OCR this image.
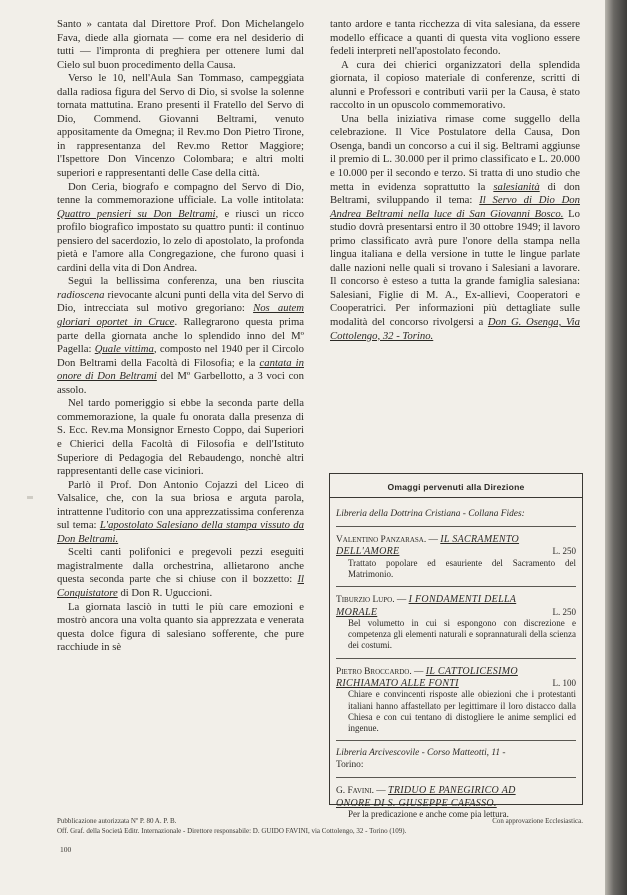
Santo » cantata dal Direttore Prof. Don Michelangelo Fava, diede alla giornata — come era nel desiderio di tutti — l'impronta di preghiera per ottenere lumi dal Cielo sul buon procedimento della Causa.

Verso le 10, nell'Aula San Tommaso, campeggiata dalla radiosa figura del Servo di Dio, si svolse la solenne tornata mattutina. Erano presenti il Fratello del Servo di Dio, Commend. Giovanni Beltrami, venuto appositamente da Omegna; il Rev.mo Don Pietro Tirone, in rappresentanza del Rev.mo Rettor Maggiore; l'Ispettore Don Vincenzo Colombara; e altri molti superiori e rappresentanti delle Case della città.

Don Ceria, biografo e compagno del Servo di Dio, tenne la commemorazione ufficiale. La volle intitolata: Quattro pensieri su Don Beltrami, e riuscì un ricco profilo biografico impostato su quattro punti: il continuo pensiero del sacerdozio, lo zelo di apostolato, la profonda pietà e l'amore alla Congregazione, che furono quasi i cardini della vita di Don Andrea.

Seguì la bellissima conferenza, una ben riuscita radioscena rievocante alcuni punti della vita del Servo di Dio, intrecciata sul motivo gregoriano: Nos autem gloriari oportet in Cruce. Rallegrarono questa prima parte della giornata anche lo splendido inno del Mº Pagella: Quale vittima, composto nel 1940 per il Circolo Don Beltrami della Facoltà di Filosofia; e la cantata in onore di Don Beltrami del Mº Garbellotto, a 3 voci con assolo.

Nel tardo pomeriggio si ebbe la seconda parte della commemorazione, la quale fu onorata dalla presenza di S. Ecc. Rev.ma Monsignor Ernesto Coppo, dai Superiori e Chierici della Facoltà di Filosofia e dell'Istituto Superiore di Pedagogia del Rebaudengo, nonchè altri rappresentanti delle case viciniori.

Parlò il Prof. Don Antonio Cojazzi del Liceo di Valsalice, che, con la sua briosa e arguta parola, intrattenne l'uditorio con una apprezzatissima conferenza sul tema: L'apostolato Salesiano della stampa vissuto da Don Beltrami.

Scelti canti polifonici e pregevoli pezzi eseguiti magistralmente dalla orchestrina, allietarono anche questa seconda parte che si chiuse con il bozzetto: Il Conquistatore di Don R. Uguccioni.

La giornata lasciò in tutti le più care emozioni e mostrò ancora una volta quanto sia apprezzata e venerata questa dolce figura di salesiano sofferente, che pure racchiude in sè

tanto ardore e tanta ricchezza di vita salesiana, da essere modello efficace a quanti di questa vita vogliono essere fedeli interpreti nell'apostolato fecondo.

A cura dei chierici organizzatori della splendida giornata, il copioso materiale di conferenze, scritti di alunni e Professori e contributi varii per la Causa, è stato raccolto in un opuscolo commemorativo.

Una bella iniziativa rimase come suggello della celebrazione. Il Vice Postulatore della Causa, Don Osenga, bandì un concorso a cui il sig. Beltrami aggiunse il premio di L. 30.000 per il primo classificato e L. 20.000 e 10.000 per il secondo e terzo. Si tratta di uno studio che metta in evidenza soprattutto la salesianità di don Beltrami, sviluppando il tema: Il Servo di Dio Don Andrea Beltrami nella luce di San Giovanni Bosco. Lo studio dovrà presentarsi entro il 30 ottobre 1949; il lavoro primo classificato avrà pure l'onore della stampa nella lingua italiana e della versione in tutte le lingue parlate dalle nazioni nelle quali si trovano i Salesiani a lavorare. Il concorso è esteso a tutta la grande famiglia salesiana: Salesiani, Figlie di M. A., Ex-allievi, Cooperatori e Cooperatrici. Per informazioni più dettagliate sulle modalità del concorso rivolgersi a Don G. Osenga, Via Cottolengo, 32 - Torino.

Omaggi pervenuti alla Direzione
Libreria della Dottrina Cristiana - Collana Fides:
Valentino Panzarasa. — IL SACRAMENTO
DELL'AMORE	L. 250
Trattato popolare ed esauriente del Sacramento del Matrimonio.
Tiburzio Lupo. — I FONDAMENTI DELLA
MORALE	L. 250
Bel volumetto in cui si espongono con discrezione e competenza gli elementi naturali e soprannaturali della scienza dei costumi.
Pietro Broccardo. — IL CATTOLICESIMO
RICHIAMATO ALLE FONTI	L. 100
Chiare e convincenti risposte alle obiezioni che i protestanti italiani hanno affastellato per legittimare il loro distacco dalla Chiesa e con cui tentano di distogliere le anime semplici ed ingenue.
Libreria Arcivescovile - Corso Matteotti, 11 -
Torino:
G. Favini. — TRIDUO E PANEGIRICO AD
ONORE DI S. GIUSEPPE CAFASSO.
Per la predicazione e anche come pia lettura.
Pubblicazione autorizzata Nº P. 80 A. P. B.	Con approvazione Ecclesiastica.
Off. Graf. della Società Editr. Internazionale - Direttore responsabile: D. GUIDO FAVINI, via Cottolengo, 32 - Torino (109).
100
